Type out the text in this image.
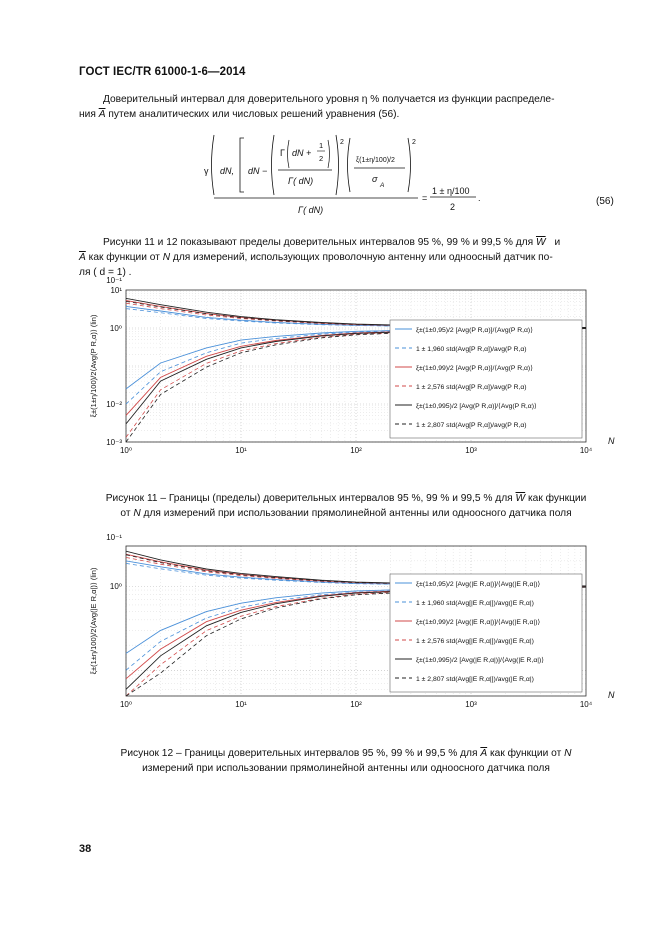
ГОСТ IEC/TR 61000-1-6—2014
Доверительный интервал для доверительного уровня η % получается из функции распределе-
ния $\overline{A}$ путем аналитических или числовых решений уравнения (56).
γ dN, dN −
Γ dN +
1
2
Γ( dN)
2
ξ(1±η/100)/2
σ
A
2
Γ( dN)
=
1 ± η/100
2
.	(56)
Рисунки 11 и 12 показывают пределы доверительных интервалов 95 %, 99 % и 99,5 % для $\overline{W}$ и
$\overline{A}$ как функции от N для измерений, использующих проволочную антенну или одноосный датчик по-
ля ( d = 1) .
10⁰	10¹	10²	10³	10⁴
10¹
10⁰
10⁻¹
10⁻²
10⁻³	N
ξ±(1±η/100)/2⟨Avg(P R,α)⟩ (lin)	ξ±(1±0,95)/2 [Avg(P R,α)]/⟨Avg(P R,α)⟩
1 ± 1,960 std(Avg[P R,α])/avg(P R,α)
ξ±(1±0,99)/2 [Avg(P R,α)]/⟨Avg(P R,α)⟩
1 ± 2,576 std(Avg[P R,α])/avg(P R,α)
ξ±(1±0,995)/2 [Avg(P R,α)]/⟨Avg(P R,α)⟩
1 ± 2,807 std(Avg[P R,α])/avg(P R,α)
Рисунок 11 – Границы (пределы) доверительных интервалов 95 %, 99 % и 99,5 % для $\overline{W}$ как функции
от N для измерений при использовании прямолинейной антенны или одноосного датчика поля
10⁰	10¹	10²	10³	10⁴
10⁰
10⁻¹
N
ξ±(1±η/100)/2⟨Avg(|E R,α|)⟩ (lin)	ξ±(1±0,95)/2 [Avg(|E R,α|)]/⟨Avg(|E R,α|)⟩
1 ± 1,960 std(Avg[|E R,α|])/avg(|E R,α|)
ξ±(1±0,99)/2 [Avg(|E R,α|)]/⟨Avg(|E R,α|)⟩
1 ± 2,576 std(Avg[|E R,α|])/avg(|E R,α|)
ξ±(1±0,995)/2 [Avg(|E R,α|)]/⟨Avg(|E R,α|)⟩
1 ± 2,807 std(Avg[|E R,α|])/avg(|E R,α|)
Рисунок 12 – Границы доверительных интервалов 95 %, 99 % и 99,5 % для $\overline{A}$ как функции от N
измерений при использовании прямолинейной антенны или одноосного датчика поля
38
